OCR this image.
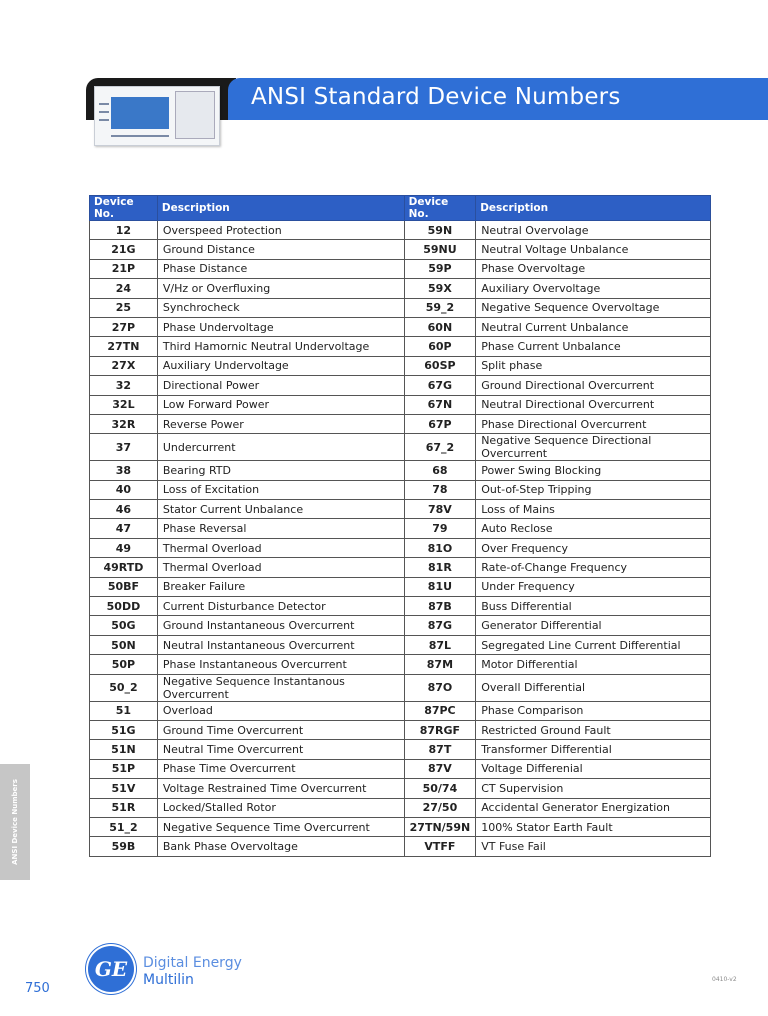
ANSI Standard Device Numbers
Device No.	Description	Device No.	Description
12	Overspeed Protection	59N	Neutral Overvolage
21G	Ground Distance	59NU	Neutral Voltage Unbalance
21P	Phase Distance	59P	Phase Overvoltage
24	V/Hz or Overfluxing	59X	Auxiliary Overvoltage
25	Synchrocheck	59_2	Negative Sequence Overvoltage
27P	Phase Undervoltage	60N	Neutral Current Unbalance
27TN	Third Hamornic Neutral Undervoltage	60P	Phase Current Unbalance
27X	Auxiliary Undervoltage	60SP	Split phase
32	Directional Power	67G	Ground Directional Overcurrent
32L	Low Forward Power	67N	Neutral Directional Overcurrent
32R	Reverse Power	67P	Phase Directional Overcurrent
37	Undercurrent	67_2	Negative Sequence Directional Overcurrent
38	Bearing RTD	68	Power Swing Blocking
40	Loss of Excitation	78	Out-of-Step Tripping
46	Stator Current Unbalance	78V	Loss of Mains
47	Phase Reversal	79	Auto Reclose
49	Thermal Overload	81O	Over Frequency
49RTD	Thermal Overload	81R	Rate-of-Change Frequency
50BF	Breaker Failure	81U	Under Frequency
50DD	Current Disturbance Detector	87B	Buss Differential
50G	Ground Instantaneous Overcurrent	87G	Generator Differential
50N	Neutral Instantaneous Overcurrent	87L	Segregated Line Current Differential
50P	Phase Instantaneous Overcurrent	87M	Motor Differential
50_2	Negative Sequence Instantanous Overcurrent	87O	Overall Differential
51	Overload	87PC	Phase Comparison
51G	Ground Time Overcurrent	87RGF	Restricted Ground Fault
51N	Neutral Time Overcurrent	87T	Transformer Differential
51P	Phase Time Overcurrent	87V	Voltage Differenial
51V	Voltage Restrained Time Overcurrent	50/74	CT Supervision
51R	Locked/Stalled Rotor	27/50	Accidental Generator Energization
51_2	Negative Sequence Time Overcurrent	27TN/59N	100% Stator Earth Fault
59B	Bank Phase Overvoltage	VTFF	VT Fuse Fail
ANSI Device Numbers
750
GE	Digital Energy
Multilin	0410-v2
